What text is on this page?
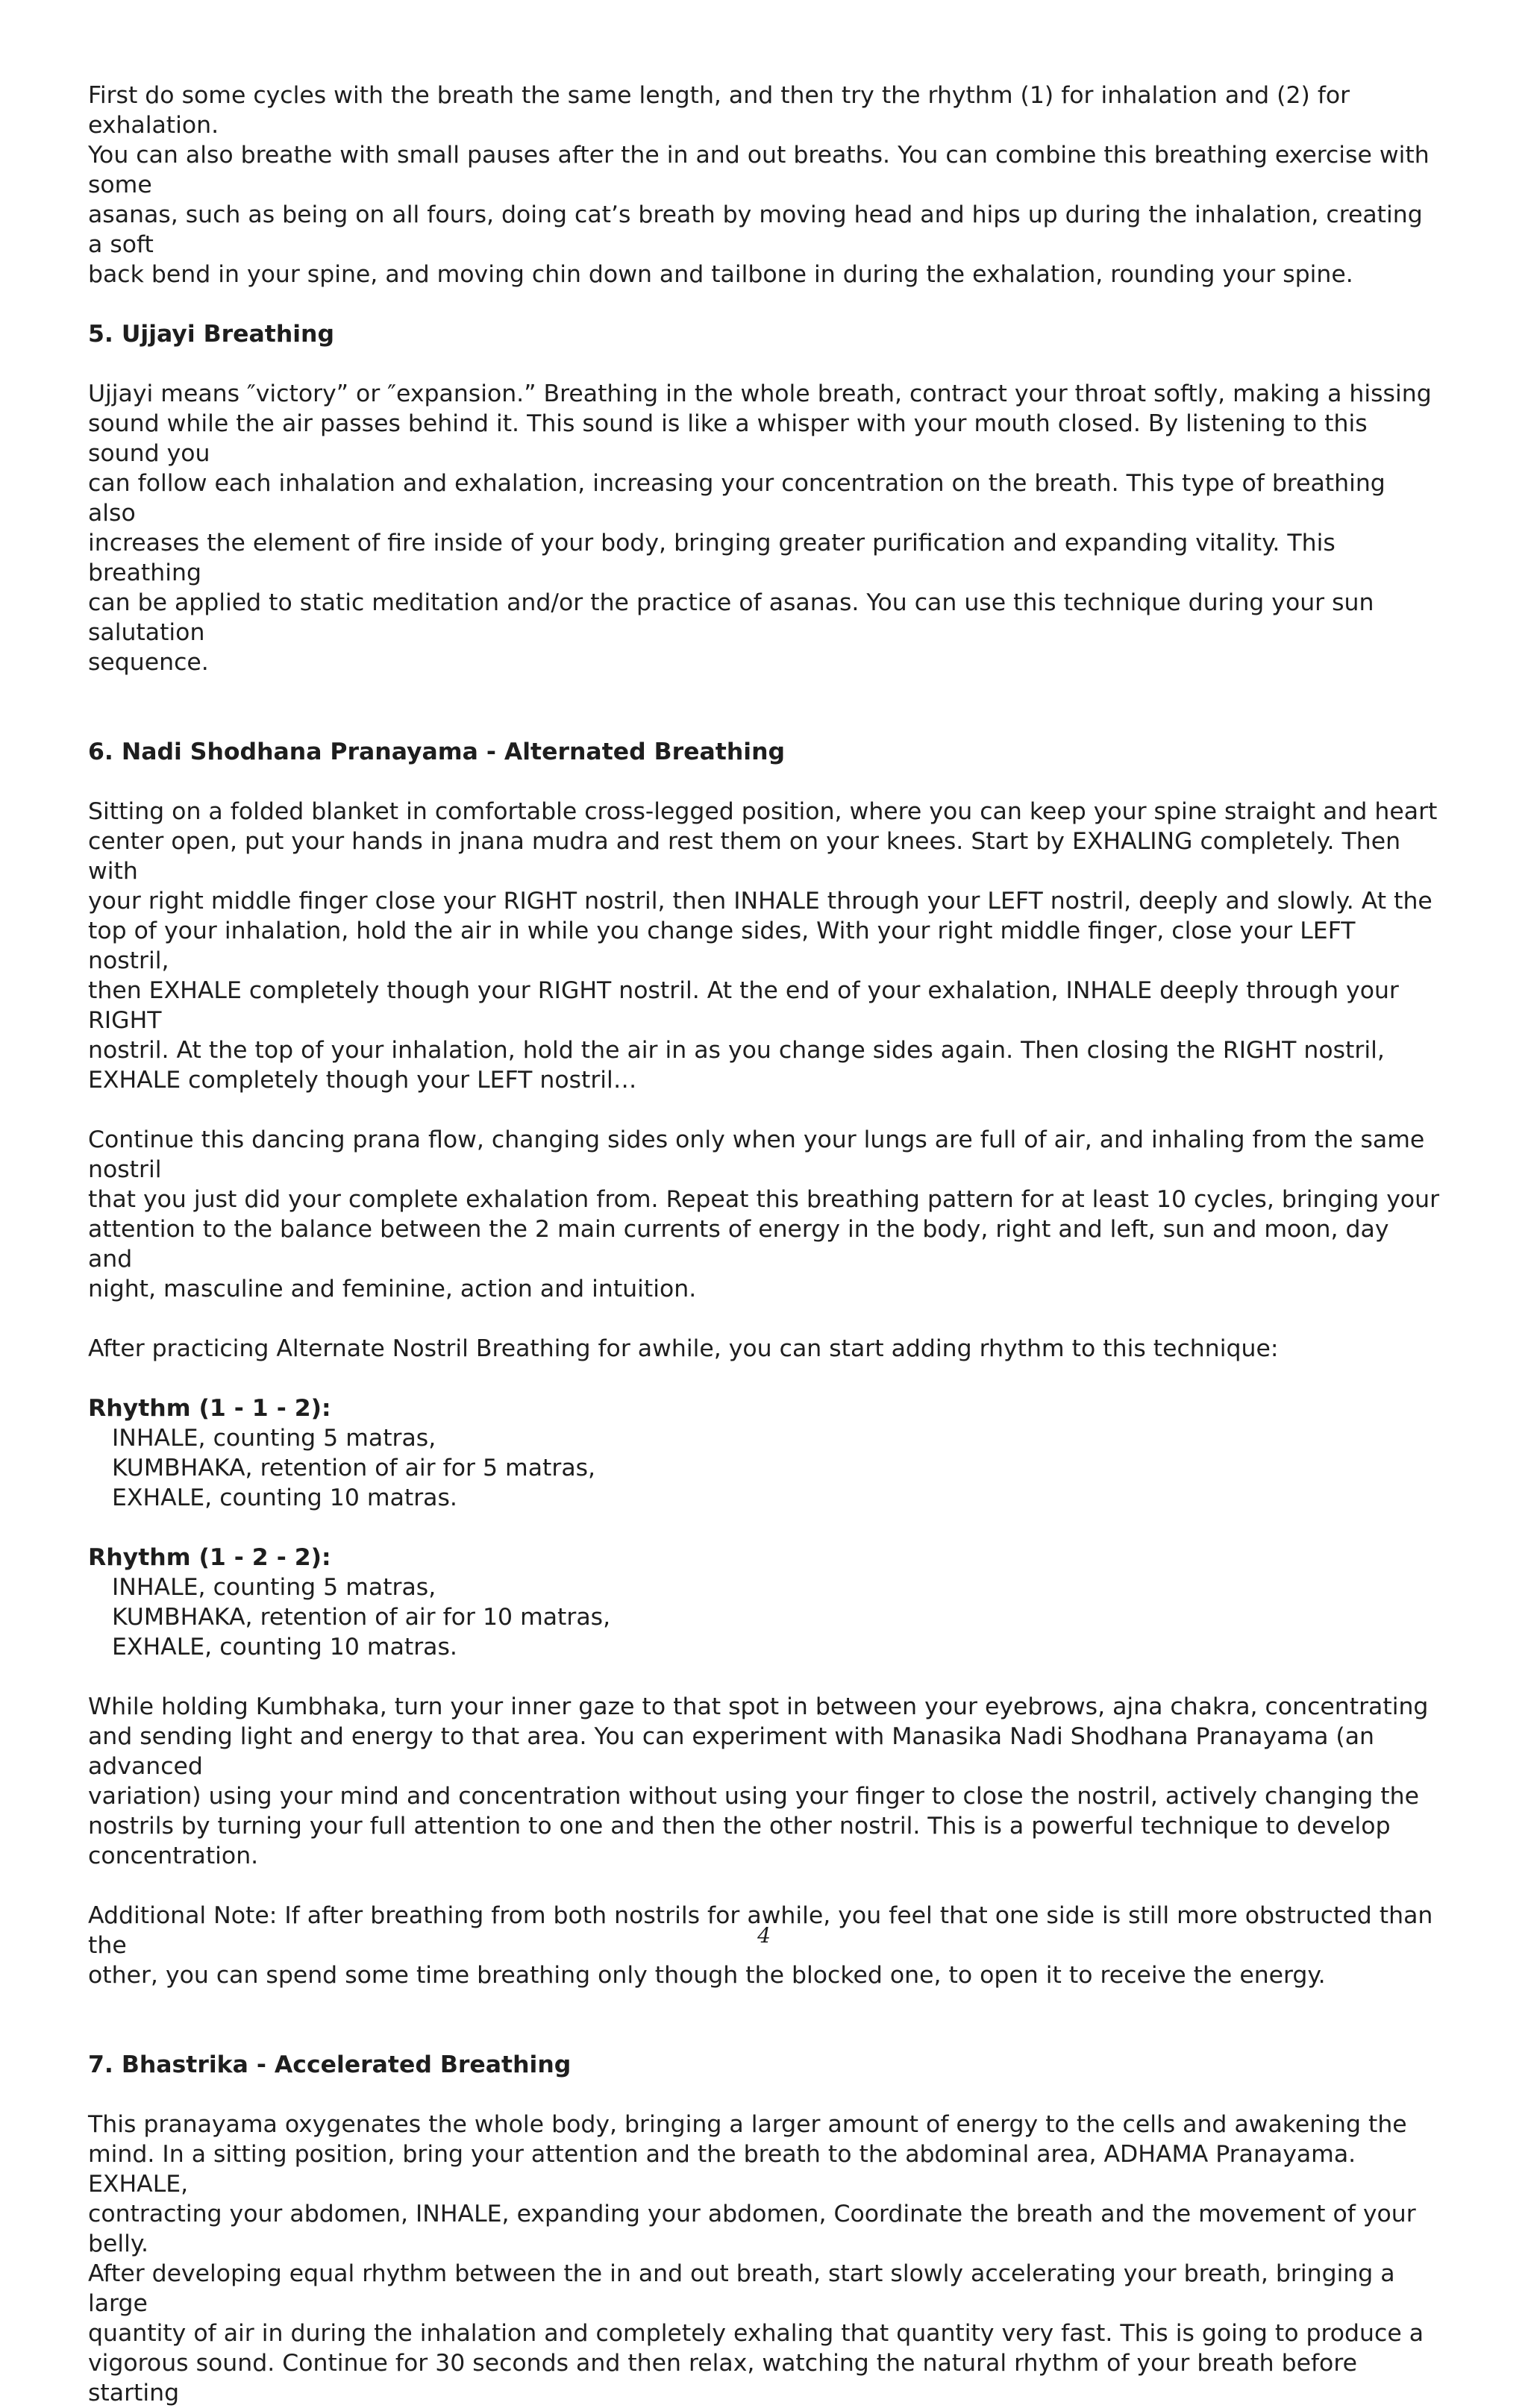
First do some cycles with the breath the same length, and then try the rhythm (1) for inhalation and (2) for exhalation.
You can also breathe with small pauses after the in and out breaths. You can combine this breathing exercise with some
asanas, such as being on all fours, doing cat’s breath by moving head and hips up during the inhalation, creating a soft
back bend in your spine, and moving chin down and tailbone in during the exhalation, rounding your spine.

5. Ujjayi Breathing

Ujjayi means ″victory” or ″expansion.” Breathing in the whole breath, contract your throat softly, making a hissing
sound while the air passes behind it. This sound is like a whisper with your mouth closed. By listening to this sound you
can follow each inhalation and exhalation, increasing your concentration on the breath. This type of breathing also
increases the element of fire inside of your body, bringing greater purification and expanding vitality. This breathing
can be applied to static meditation and/or the practice of asanas. You can use this technique during your sun salutation
sequence.

6. Nadi Shodhana Pranayama - Alternated Breathing

Sitting on a folded blanket in comfortable cross-legged position, where you can keep your spine straight and heart
center open, put your hands in jnana mudra and rest them on your knees. Start by EXHALING completely. Then with
your right middle finger close your RIGHT nostril, then INHALE through your LEFT nostril, deeply and slowly. At the
top of your inhalation, hold the air in while you change sides, With your right middle finger, close your LEFT nostril,
then EXHALE completely though your RIGHT nostril. At the end of your exhalation, INHALE deeply through your RIGHT
nostril. At the top of your inhalation, hold the air in as you change sides again. Then closing the RIGHT nostril,
EXHALE completely though your LEFT nostril…

Continue this dancing prana flow, changing sides only when your lungs are full of air, and inhaling from the same nostril
that you just did your complete exhalation from. Repeat this breathing pattern for at least 10 cycles, bringing your
attention to the balance between the 2 main currents of energy in the body, right and left, sun and moon, day and
night, masculine and feminine, action and intuition.

After practicing Alternate Nostril Breathing for awhile, you can start adding rhythm to this technique:

Rhythm (1 - 1 - 2):

INHALE, counting 5 matras,

KUMBHAKA, retention of air for 5 matras,

EXHALE, counting 10 matras.

Rhythm (1 - 2 - 2):

INHALE, counting 5 matras,

KUMBHAKA, retention of air for 10 matras,

EXHALE, counting 10 matras.

While holding Kumbhaka, turn your inner gaze to that spot in between your eyebrows, ajna chakra, concentrating
and sending light and energy to that area. You can experiment with Manasika Nadi Shodhana Pranayama (an advanced
variation) using your mind and concentration without using your finger to close the nostril, actively changing the
nostrils by turning your full attention to one and then the other nostril. This is a powerful technique to develop
concentration.

Additional Note: If after breathing from both nostrils for awhile, you feel that one side is still more obstructed than the
other, you can spend some time breathing only though the blocked one, to open it to receive the energy.

7. Bhastrika - Accelerated Breathing

This pranayama oxygenates the whole body, bringing a larger amount of energy to the cells and awakening the
mind. In a sitting position, bring your attention and the breath to the abdominal area, ADHAMA Pranayama. EXHALE,
contracting your abdomen, INHALE, expanding your abdomen, Coordinate the breath and the movement of your belly.
After developing equal rhythm between the in and out breath, start slowly accelerating your breath, bringing a large
quantity of air in during the inhalation and completely exhaling that quantity very fast. This is going to produce a
vigorous sound. Continue for 30 seconds and then relax, watching the natural rhythm of your breath before starting

4
